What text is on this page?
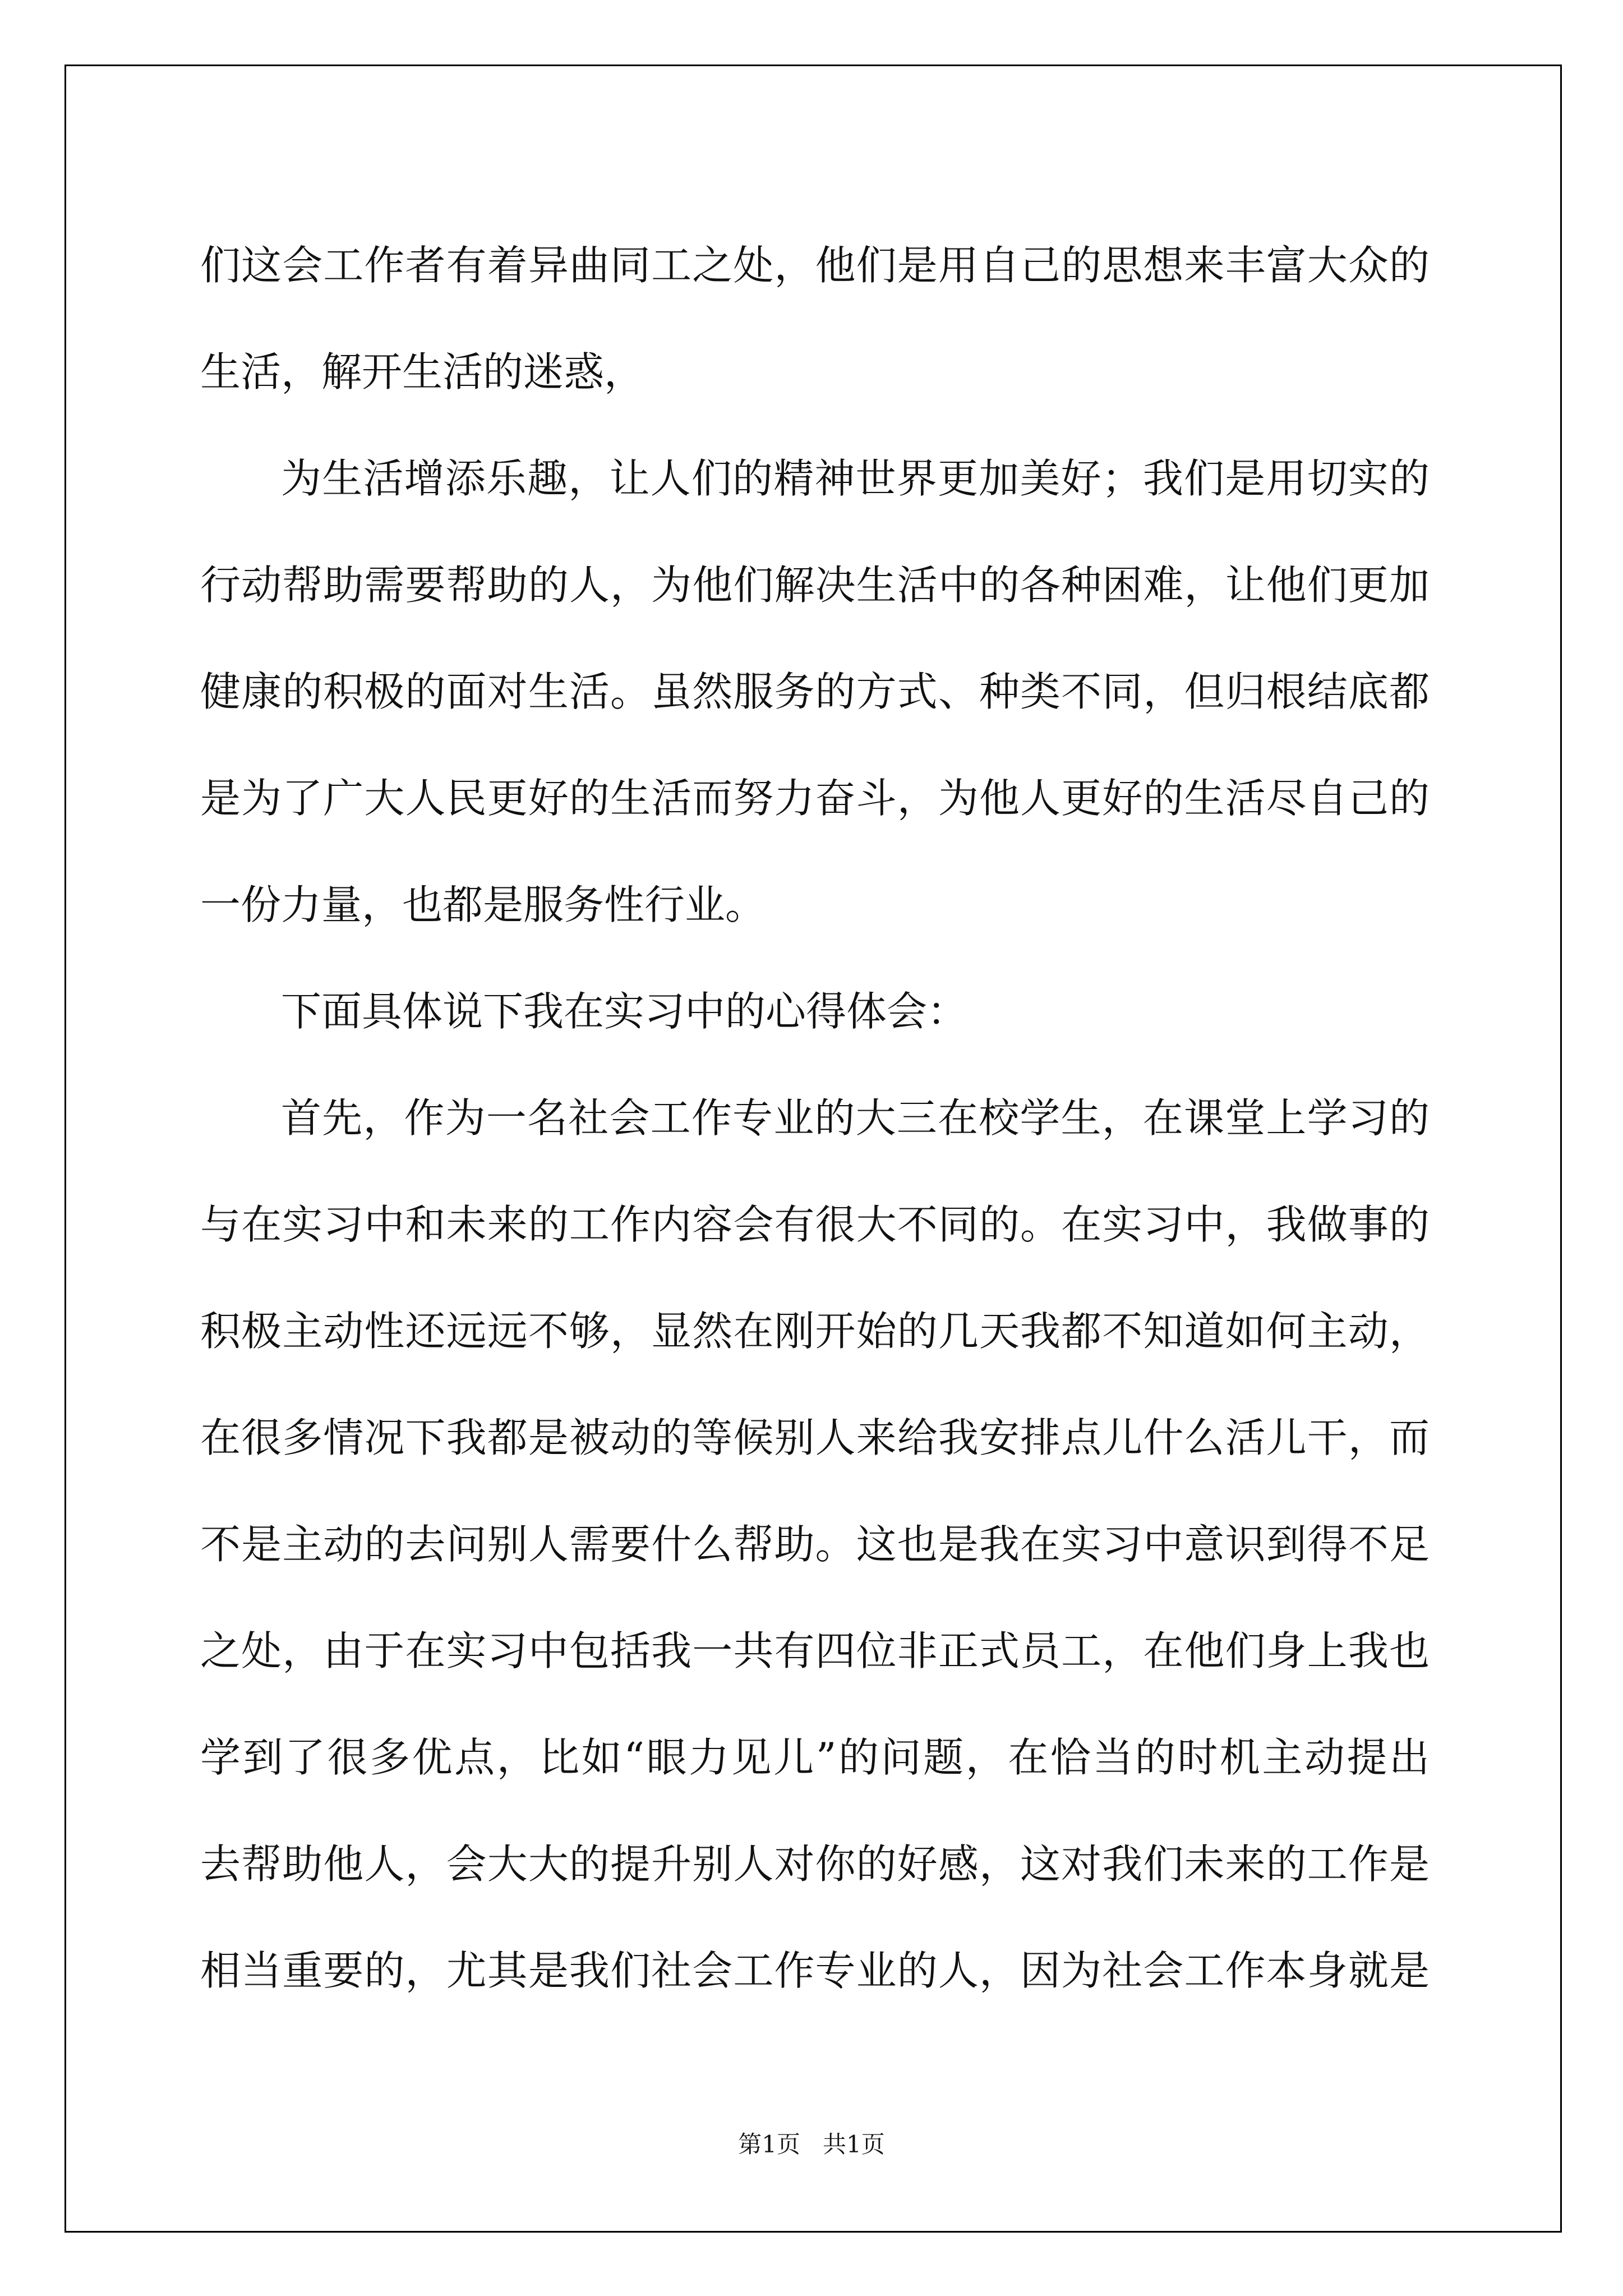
们这会工作者有着异曲同工之处，他们是用自己的思想来丰富大众的
生活，解开生活的迷惑，
为生活增添乐趣，让人们的精神世界更加美好；我们是用切实的
行动帮助需要帮助的人，为他们解决生活中的各种困难，让他们更加
健康的积极的面对生活。虽然服务的方式、种类不同，但归根结底都
是为了广大人民更好的生活而努力奋斗，为他人更好的生活尽自己的
一份力量，也都是服务性行业。
下面具体说下我在实习中的心得体会：
首先，作为一名社会工作专业的大三在校学生，在课堂上学习的
与在实习中和未来的工作内容会有很大不同的。在实习中，我做事的
积极主动性还远远不够，显然在刚开始的几天我都不知道如何主动，
在很多情况下我都是被动的等候别人来给我安排点儿什么活儿干，而
不是主动的去问别人需要什么帮助。这也是我在实习中意识到得不足
之处，由于在实习中包括我一共有四位非正式员工，在他们身上我也
学到了很多优点，比如“眼力见儿”的问题，在恰当的时机主动提出
去帮助他人，会大大的提升别人对你的好感，这对我们未来的工作是
相当重要的，尤其是我们社会工作专业的人，因为社会工作本身就是
第1页 共1页
